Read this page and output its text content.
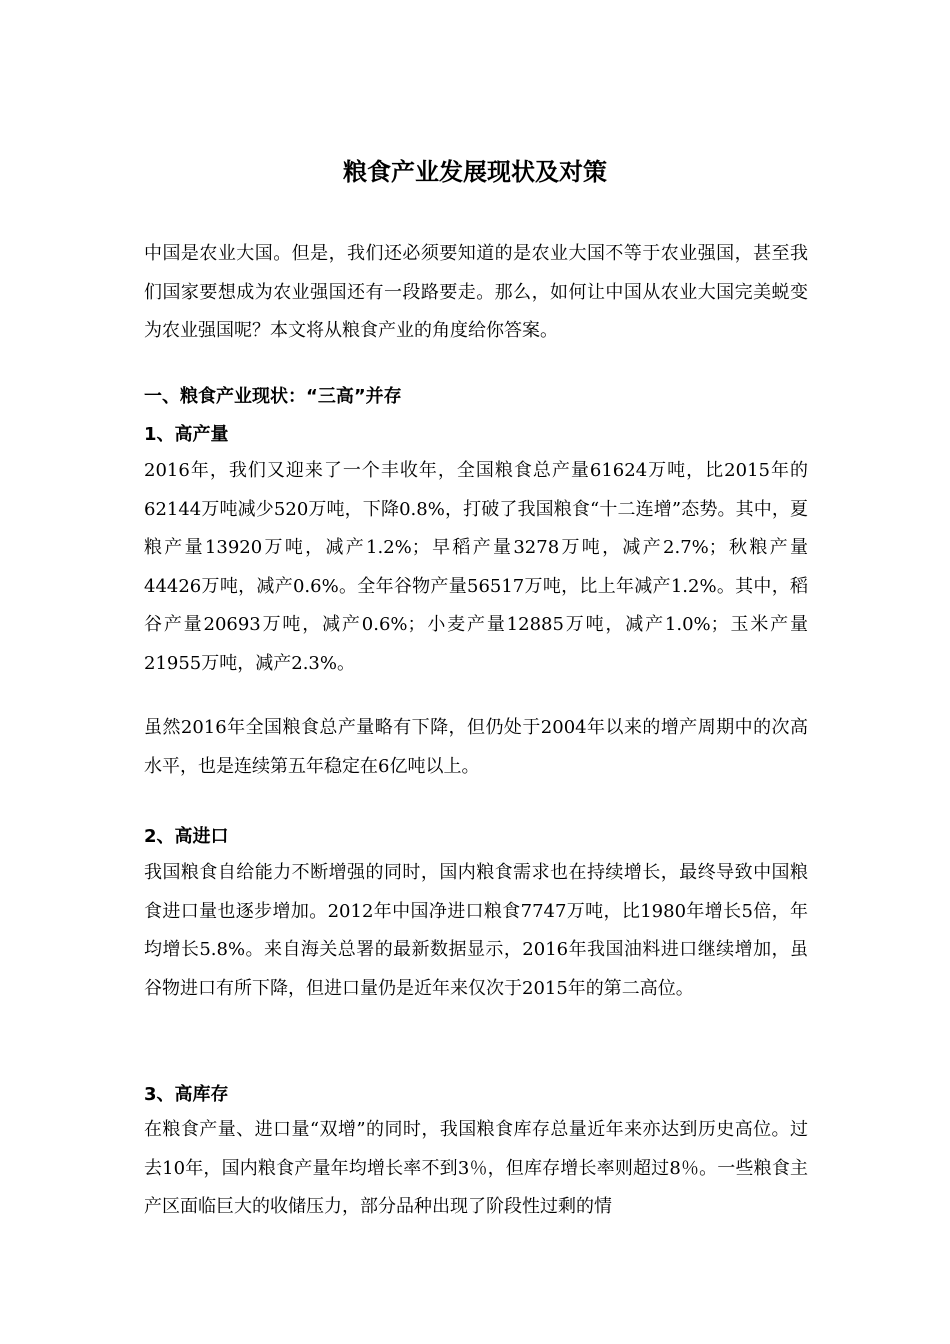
粮食产业发展现状及对策

中国是农业大国。但是，我们还必须要知道的是农业大国不等于农业强国，甚至我们国家要想成为农业强国还有一段路要走。那么，如何让中国从农业大国完美蜕变为农业强国呢？本文将从粮食产业的角度给你答案。

一、粮食产业现状：“三高”并存
1、高产量

2016年，我们又迎来了一个丰收年，全国粮食总产量61624万吨，比2015年的62144万吨减少520万吨，下降0.8%，打破了我国粮食“十二连增”态势。其中，夏粮产量13920万吨，减产1.2%；早稻产量3278万吨，减产2.7%；秋粮产量44426万吨，减产0.6%。全年谷物产量56517万吨，比上年减产1.2%。其中，稻谷产量20693万吨，减产0.6%；小麦产量12885万吨，减产1.0%；玉米产量21955万吨，减产2.3%。

虽然2016年全国粮食总产量略有下降，但仍处于2004年以来的增产周期中的次高水平，也是连续第五年稳定在6亿吨以上。

2、高进口

我国粮食自给能力不断增强的同时，国内粮食需求也在持续增长，最终导致中国粮食进口量也逐步增加。2012年中国净进口粮食7747万吨，比1980年增长5倍，年均增长5.8%。来自海关总署的最新数据显示，2016年我国油料进口继续增加，虽谷物进口有所下降，但进口量仍是近年来仅次于2015年的第二高位。

3、高库存

在粮食产量、进口量“双增”的同时，我国粮食库存总量近年来亦达到历史高位。过去10年，国内粮食产量年均增长率不到3％，但库存增长率则超过8％。一些粮食主产区面临巨大的收储压力，部分品种出现了阶段性过剩的情
